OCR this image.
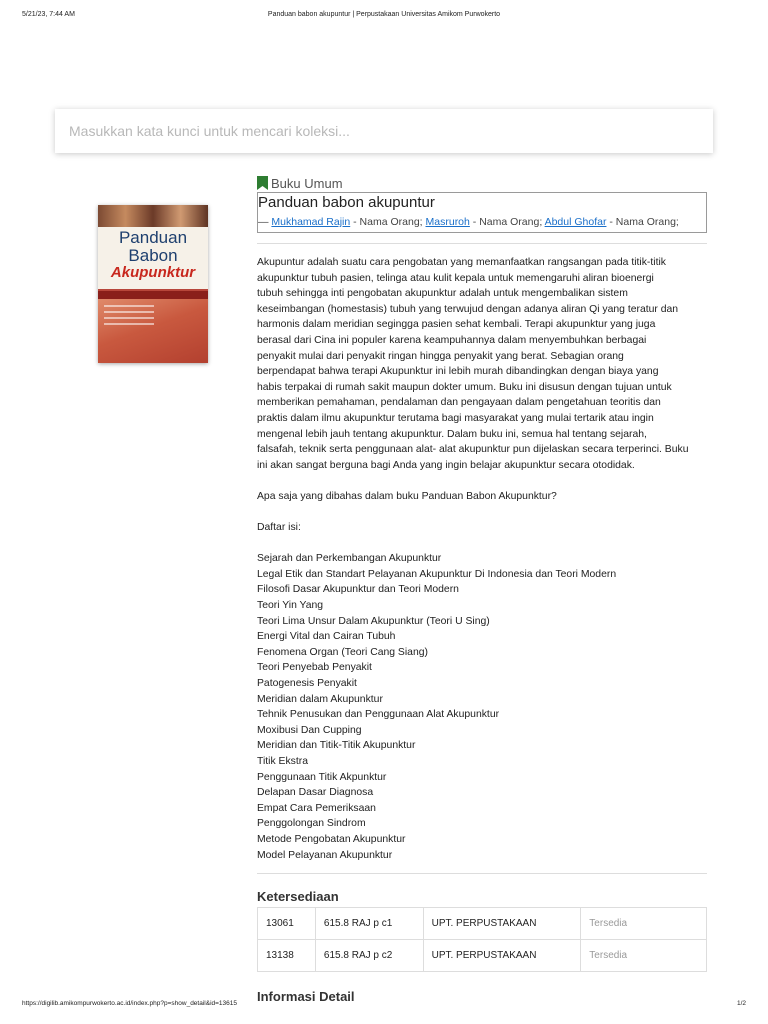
5/21/23, 7:44 AM	Panduan babon akupuntur | Perpustakaan Universitas Amikom Purwokerto
Masukkan kata kunci untuk mencari koleksi...
Panduan
Babon
Akupunktur
Buku Umum
Panduan babon akupuntur
— Mukhamad Rajin - Nama Orang; Masruroh - Nama Orang; Abdul Ghofar - Nama Orang;
Akupuntur adalah suatu cara pengobatan yang memanfaatkan rangsangan pada titik-titik
akupunktur tubuh pasien, telinga atau kulit kepala untuk memengaruhi aliran bioenergi
tubuh sehingga inti pengobatan akupunktur adalah untuk mengembalikan sistem
keseimbangan (homestasis) tubuh yang terwujud dengan adanya aliran Qi yang teratur dan
harmonis dalam meridian segingga pasien sehat kembali. Terapi akupunktur yang juga
berasal dari Cina ini populer karena keampuhannya dalam menyembuhkan berbagai
penyakit mulai dari penyakit ringan hingga penyakit yang berat. Sebagian orang
berpendapat bahwa terapi Akupunktur ini lebih murah dibandingkan dengan biaya yang
habis terpakai di rumah sakit maupun dokter umum. Buku ini disusun dengan tujuan untuk
memberikan pemahaman, pendalaman dan pengayaan dalam pengetahuan teoritis dan
praktis dalam ilmu akupunktur terutama bagi masyarakat yang mulai tertarik atau ingin
mengenal lebih jauh tentang akupunktur. Dalam buku ini, semua hal tentang sejarah,
falsafah, teknik serta penggunaan alat- alat akupunktur pun dijelaskan secara terperinci. Buku
ini akan sangat berguna bagi Anda yang ingin belajar akupunktur secara otodidak.

Apa saja yang dibahas dalam buku Panduan Babon Akupunktur?

Daftar isi:

Sejarah dan Perkembangan Akupunktur
Legal Etik dan Standart Pelayanan Akupunktur Di Indonesia dan Teori Modern
Filosofi Dasar Akupunktur dan Teori Modern
Teori Yin Yang
Teori Lima Unsur Dalam Akupunktur (Teori U Sing)
Energi Vital dan Cairan Tubuh
Fenomena Organ (Teori Cang Siang)
Teori Penyebab Penyakit
Patogenesis Penyakit
Meridian dalam Akupunktur
Tehnik Penusukan dan Penggunaan Alat Akupunktur
Moxibusi Dan Cupping
Meridian dan Titik-Titik Akupunktur
Titik Ekstra
Penggunaan Titik Akpunktur
Delapan Dasar Diagnosa
Empat Cara Pemeriksaan
Penggolongan Sindrom
Metode Pengobatan Akupunktur
Model Pelayanan Akupunktur
Ketersediaan
13061	615.8 RAJ p c1	UPT. PERPUSTAKAAN	Tersedia
13138	615.8 RAJ p c2	UPT. PERPUSTAKAAN	Tersedia
Informasi Detail
https://digilib.amikompurwokerto.ac.id/index.php?p=show_detail&id=13615	1/2
